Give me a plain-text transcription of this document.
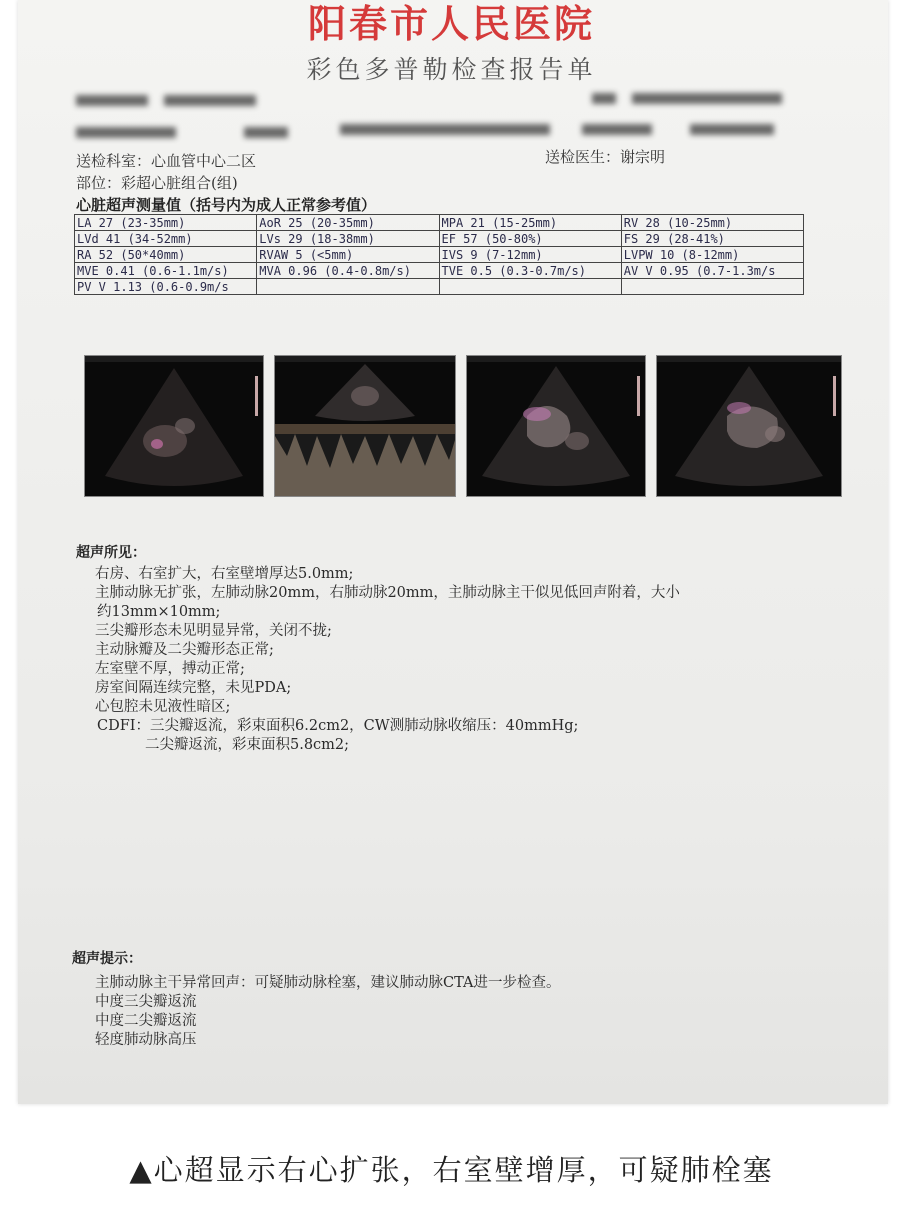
阳春市人民医院
彩色多普勒检查报告单
送检科室：心血管中心二区	送检医生：谢宗明
部位：彩超心脏组合(组)
心脏超声测量值（括号内为成人正常参考值）
LA 27 (23-35mm)	AoR 25 (20-35mm)	MPA 21 (15-25mm)	RV 28 (10-25mm)
LVd 41 (34-52mm)	LVs 29 (18-38mm)	EF 57 (50-80%)	FS 29 (28-41%)
RA 52 (50*40mm)	RVAW 5 (<5mm)	IVS 9 (7-12mm)	LVPW 10 (8-12mm)
MVE 0.41 (0.6-1.1m/s)	MVA 0.96 (0.4-0.8m/s)	TVE 0.5 (0.3-0.7m/s)	AV V 0.95 (0.7-1.3m/s
PV V 1.13 (0.6-0.9m/s			
超声所见：
右房、右室扩大，右室壁增厚达5.0mm;
主肺动脉无扩张，左肺动脉20mm，右肺动脉20mm，主肺动脉主干似见低回声附着，大小
约13mm×10mm;
三尖瓣形态未见明显异常，关闭不拢;
主动脉瓣及二尖瓣形态正常;
左室壁不厚，搏动正常;
房室间隔连续完整，未见PDA;
心包腔未见液性暗区;
CDFI：三尖瓣返流，彩束面积6.2cm2，CW测肺动脉收缩压：40mmHg;
二尖瓣返流，彩束面积5.8cm2;
超声提示：
主肺动脉主干异常回声：可疑肺动脉栓塞，建议肺动脉CTA进一步检查。
中度三尖瓣返流
中度二尖瓣返流
轻度肺动脉高压
▲心超显示右心扩张，右室壁增厚，可疑肺栓塞
